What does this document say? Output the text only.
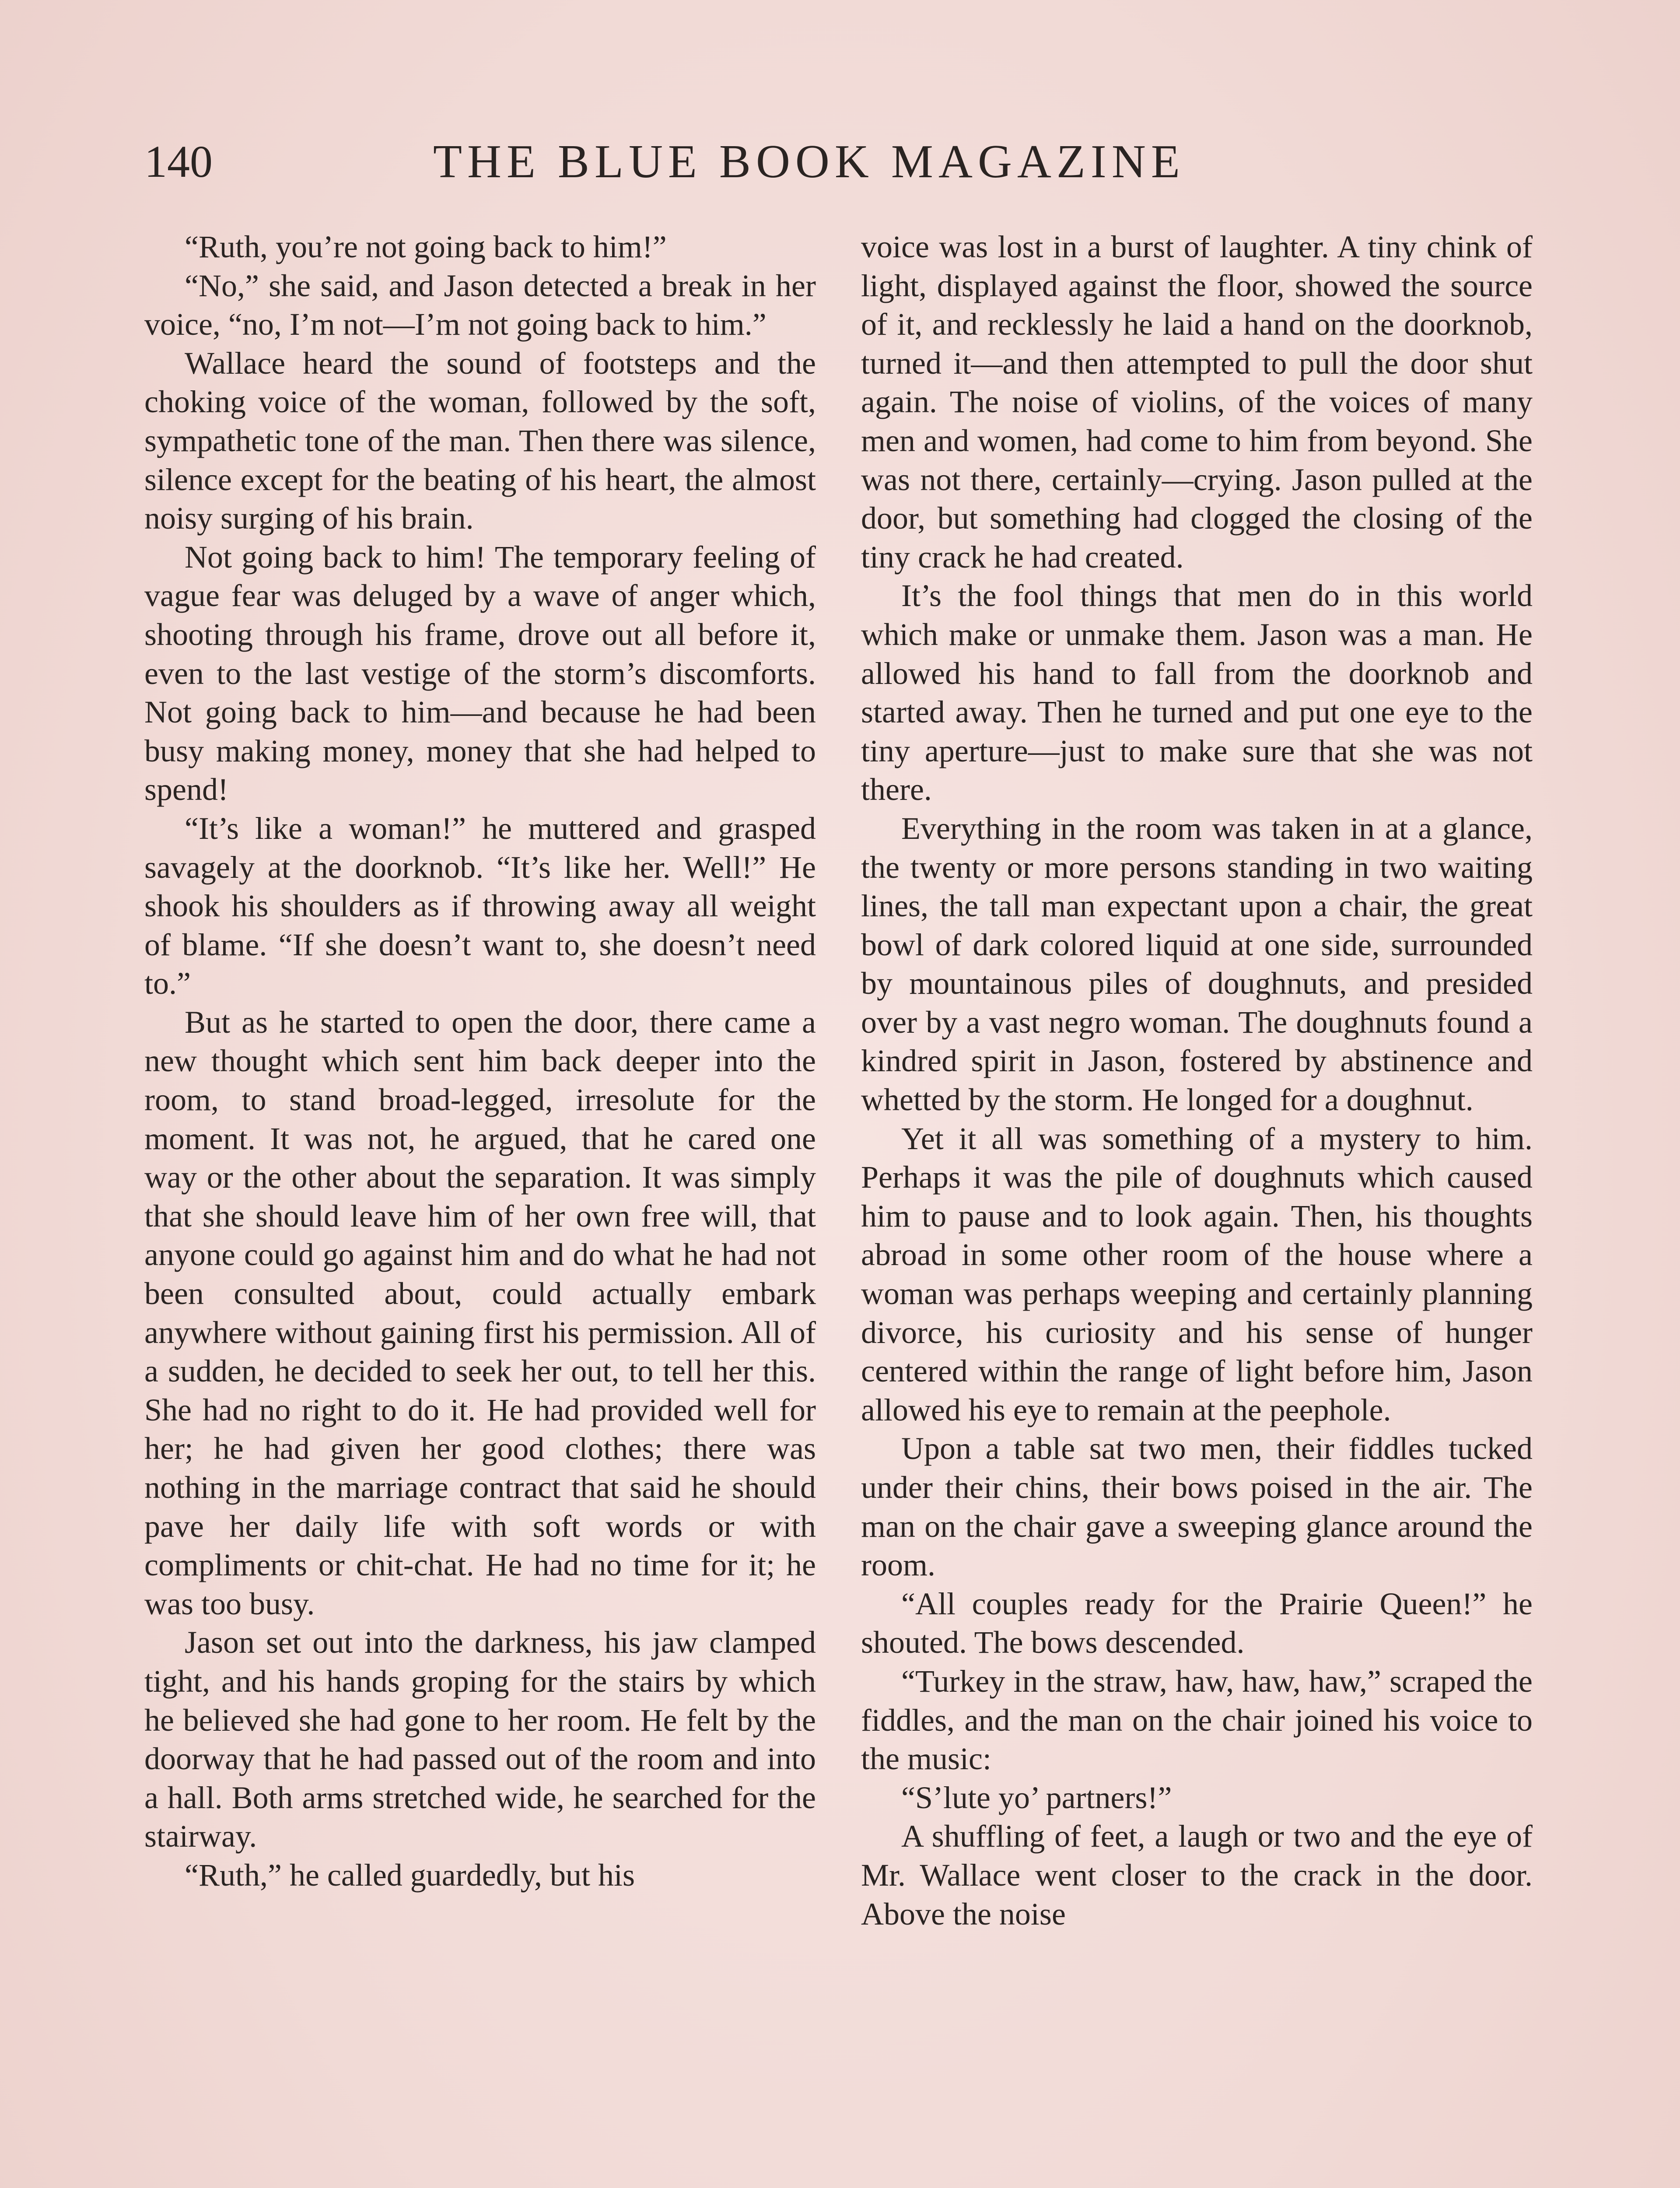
140	THE BLUE BOOK MAGAZINE

“Ruth, you’re not going back to him!”

“No,” she said, and Jason detected a break in her voice, “no, I’m not—I’m not going back to him.”

Wallace heard the sound of footsteps and the choking voice of the woman, followed by the soft, sympathetic tone of the man. Then there was silence, silence except for the beating of his heart, the almost noisy surging of his brain.

Not going back to him! The temporary feeling of vague fear was deluged by a wave of anger which, shooting through his frame, drove out all before it, even to the last vestige of the storm’s discomforts. Not going back to him—and because he had been busy making money, money that she had helped to spend!

“It’s like a woman!” he muttered and grasped savagely at the doorknob. “It’s like her. Well!” He shook his shoulders as if throwing away all weight of blame. “If she doesn’t want to, she doesn’t need to.”

But as he started to open the door, there came a new thought which sent him back deeper into the room, to stand broad-legged, irresolute for the moment. It was not, he argued, that he cared one way or the other about the separation. It was simply that she should leave him of her own free will, that anyone could go against him and do what he had not been consulted about, could actually embark anywhere without gaining first his permission. All of a sudden, he decided to seek her out, to tell her this. She had no right to do it. He had provided well for her; he had given her good clothes; there was nothing in the marriage contract that said he should pave her daily life with soft words or with compliments or chit-chat. He had no time for it; he was too busy.

Jason set out into the darkness, his jaw clamped tight, and his hands groping for the stairs by which he believed she had gone to her room. He felt by the doorway that he had passed out of the room and into a hall. Both arms stretched wide, he searched for the stairway.

“Ruth,” he called guardedly, but his

voice was lost in a burst of laughter. A tiny chink of light, displayed against the floor, showed the source of it, and recklessly he laid a hand on the doorknob, turned it—and then attempted to pull the door shut again. The noise of violins, of the voices of many men and women, had come to him from beyond. She was not there, certainly—crying. Jason pulled at the door, but something had clogged the closing of the tiny crack he had created.

It’s the fool things that men do in this world which make or unmake them. Jason was a man. He allowed his hand to fall from the doorknob and started away. Then he turned and put one eye to the tiny aperture—just to make sure that she was not there.

Everything in the room was taken in at a glance, the twenty or more persons standing in two waiting lines, the tall man expectant upon a chair, the great bowl of dark colored liquid at one side, surrounded by mountainous piles of doughnuts, and presided over by a vast negro woman. The doughnuts found a kindred spirit in Jason, fostered by abstinence and whetted by the storm. He longed for a doughnut.

Yet it all was something of a mystery to him. Perhaps it was the pile of doughnuts which caused him to pause and to look again. Then, his thoughts abroad in some other room of the house where a woman was perhaps weeping and certainly planning divorce, his curiosity and his sense of hunger centered within the range of light before him, Jason allowed his eye to remain at the peephole.

Upon a table sat two men, their fiddles tucked under their chins, their bows poised in the air. The man on the chair gave a sweeping glance around the room.

“All couples ready for the Prairie Queen!” he shouted. The bows descended.

“Turkey in the straw, haw, haw, haw,” scraped the fiddles, and the man on the chair joined his voice to the music:

“S’lute yo’ partners!”

A shuffling of feet, a laugh or two and the eye of Mr. Wallace went closer to the crack in the door. Above the noise
